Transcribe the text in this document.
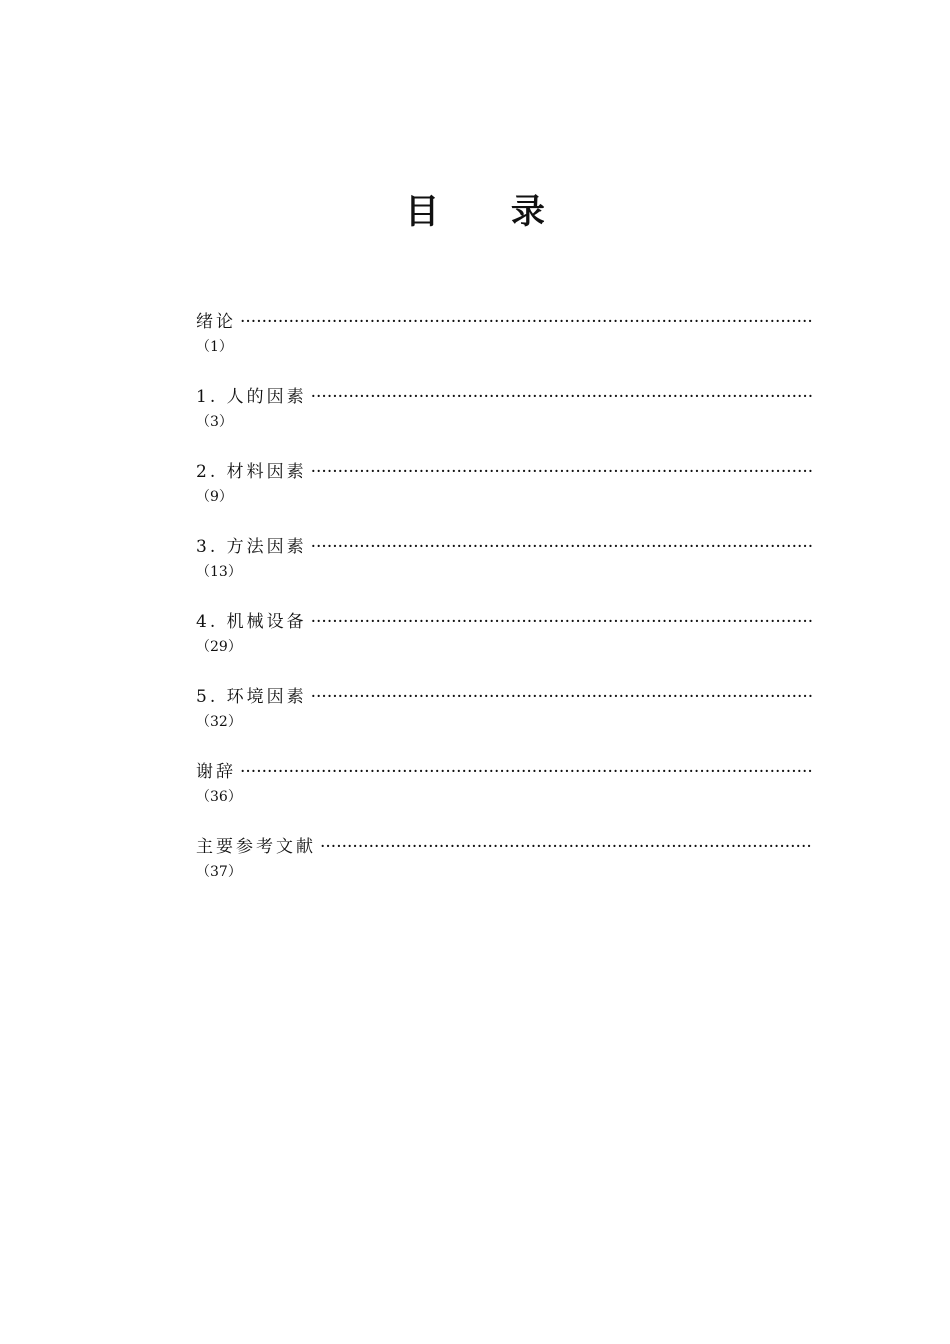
目 录
绪论
·····
（1）
1. 人的因素
·····
（3）
2. 材料因素
·····
（9）
3. 方法因素
·····
（13）
4. 机械设备
·····
（29）
5. 环境因素
·····
（32）
谢辞
·····
（36）
主要参考文献
·····
（37）
